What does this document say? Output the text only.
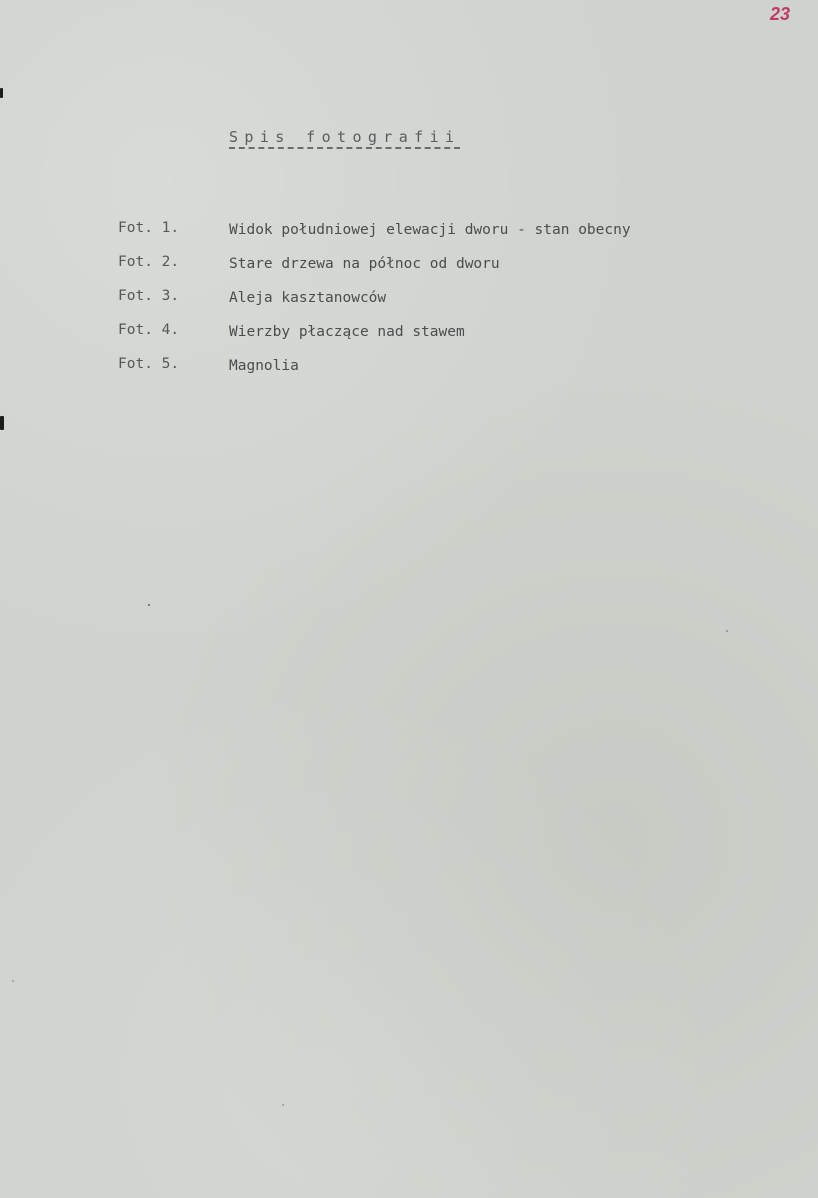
23
Spis fotografii

Fot. 1.

	Widok południowej elewacji dworu - stan obecny

Fot. 2.

	Stare drzewa na północ od dworu

Fot. 3.

	Aleja kasztanowców

Fot. 4.

	Wierzby płaczące nad stawem

Fot. 5.

	Magnolia
